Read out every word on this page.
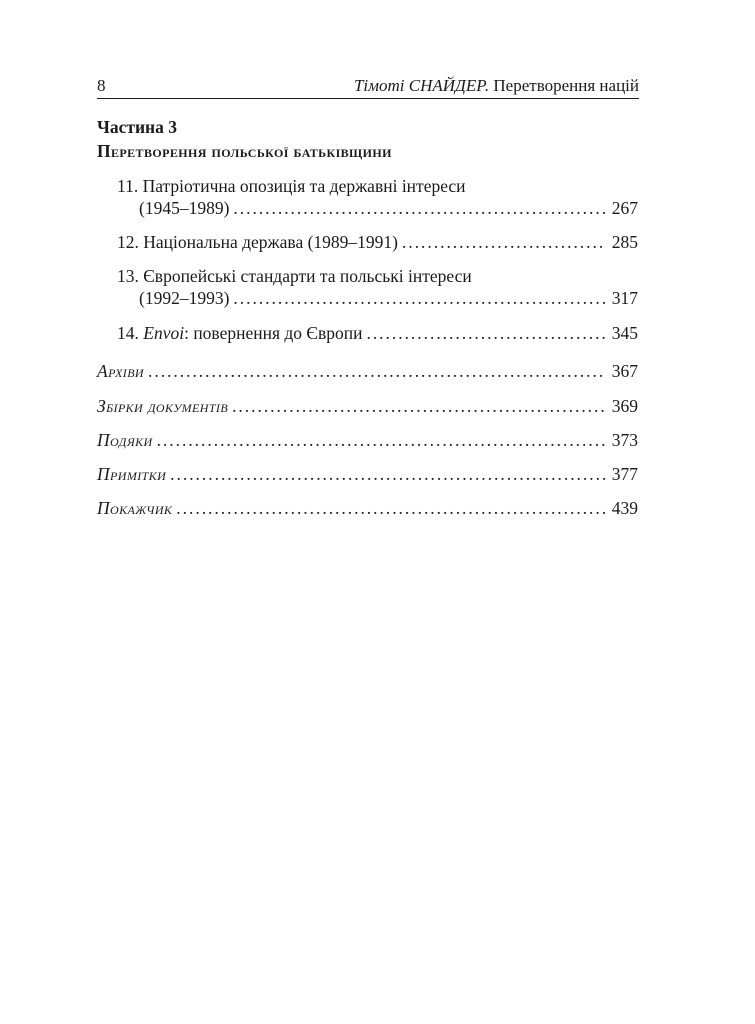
8	Тімоті СНАЙДЕР. Перетворення націй
Частина 3
Перетворення польської батьківщини
11. Патріотична опозиція та державні інтереси
(1945–1989) . . .	267
12. Національна держава (1989–1991) . . .	285
13. Європейські стандарти та польські інтереси
(1992–1993) . . .	317
14. Envoi: повернення до Європи . . .	345
Архіви . . .	367
Збірки документів . . .	369
Подяки . . .	373
Примітки . . .	377
Покажчик . . .	439
